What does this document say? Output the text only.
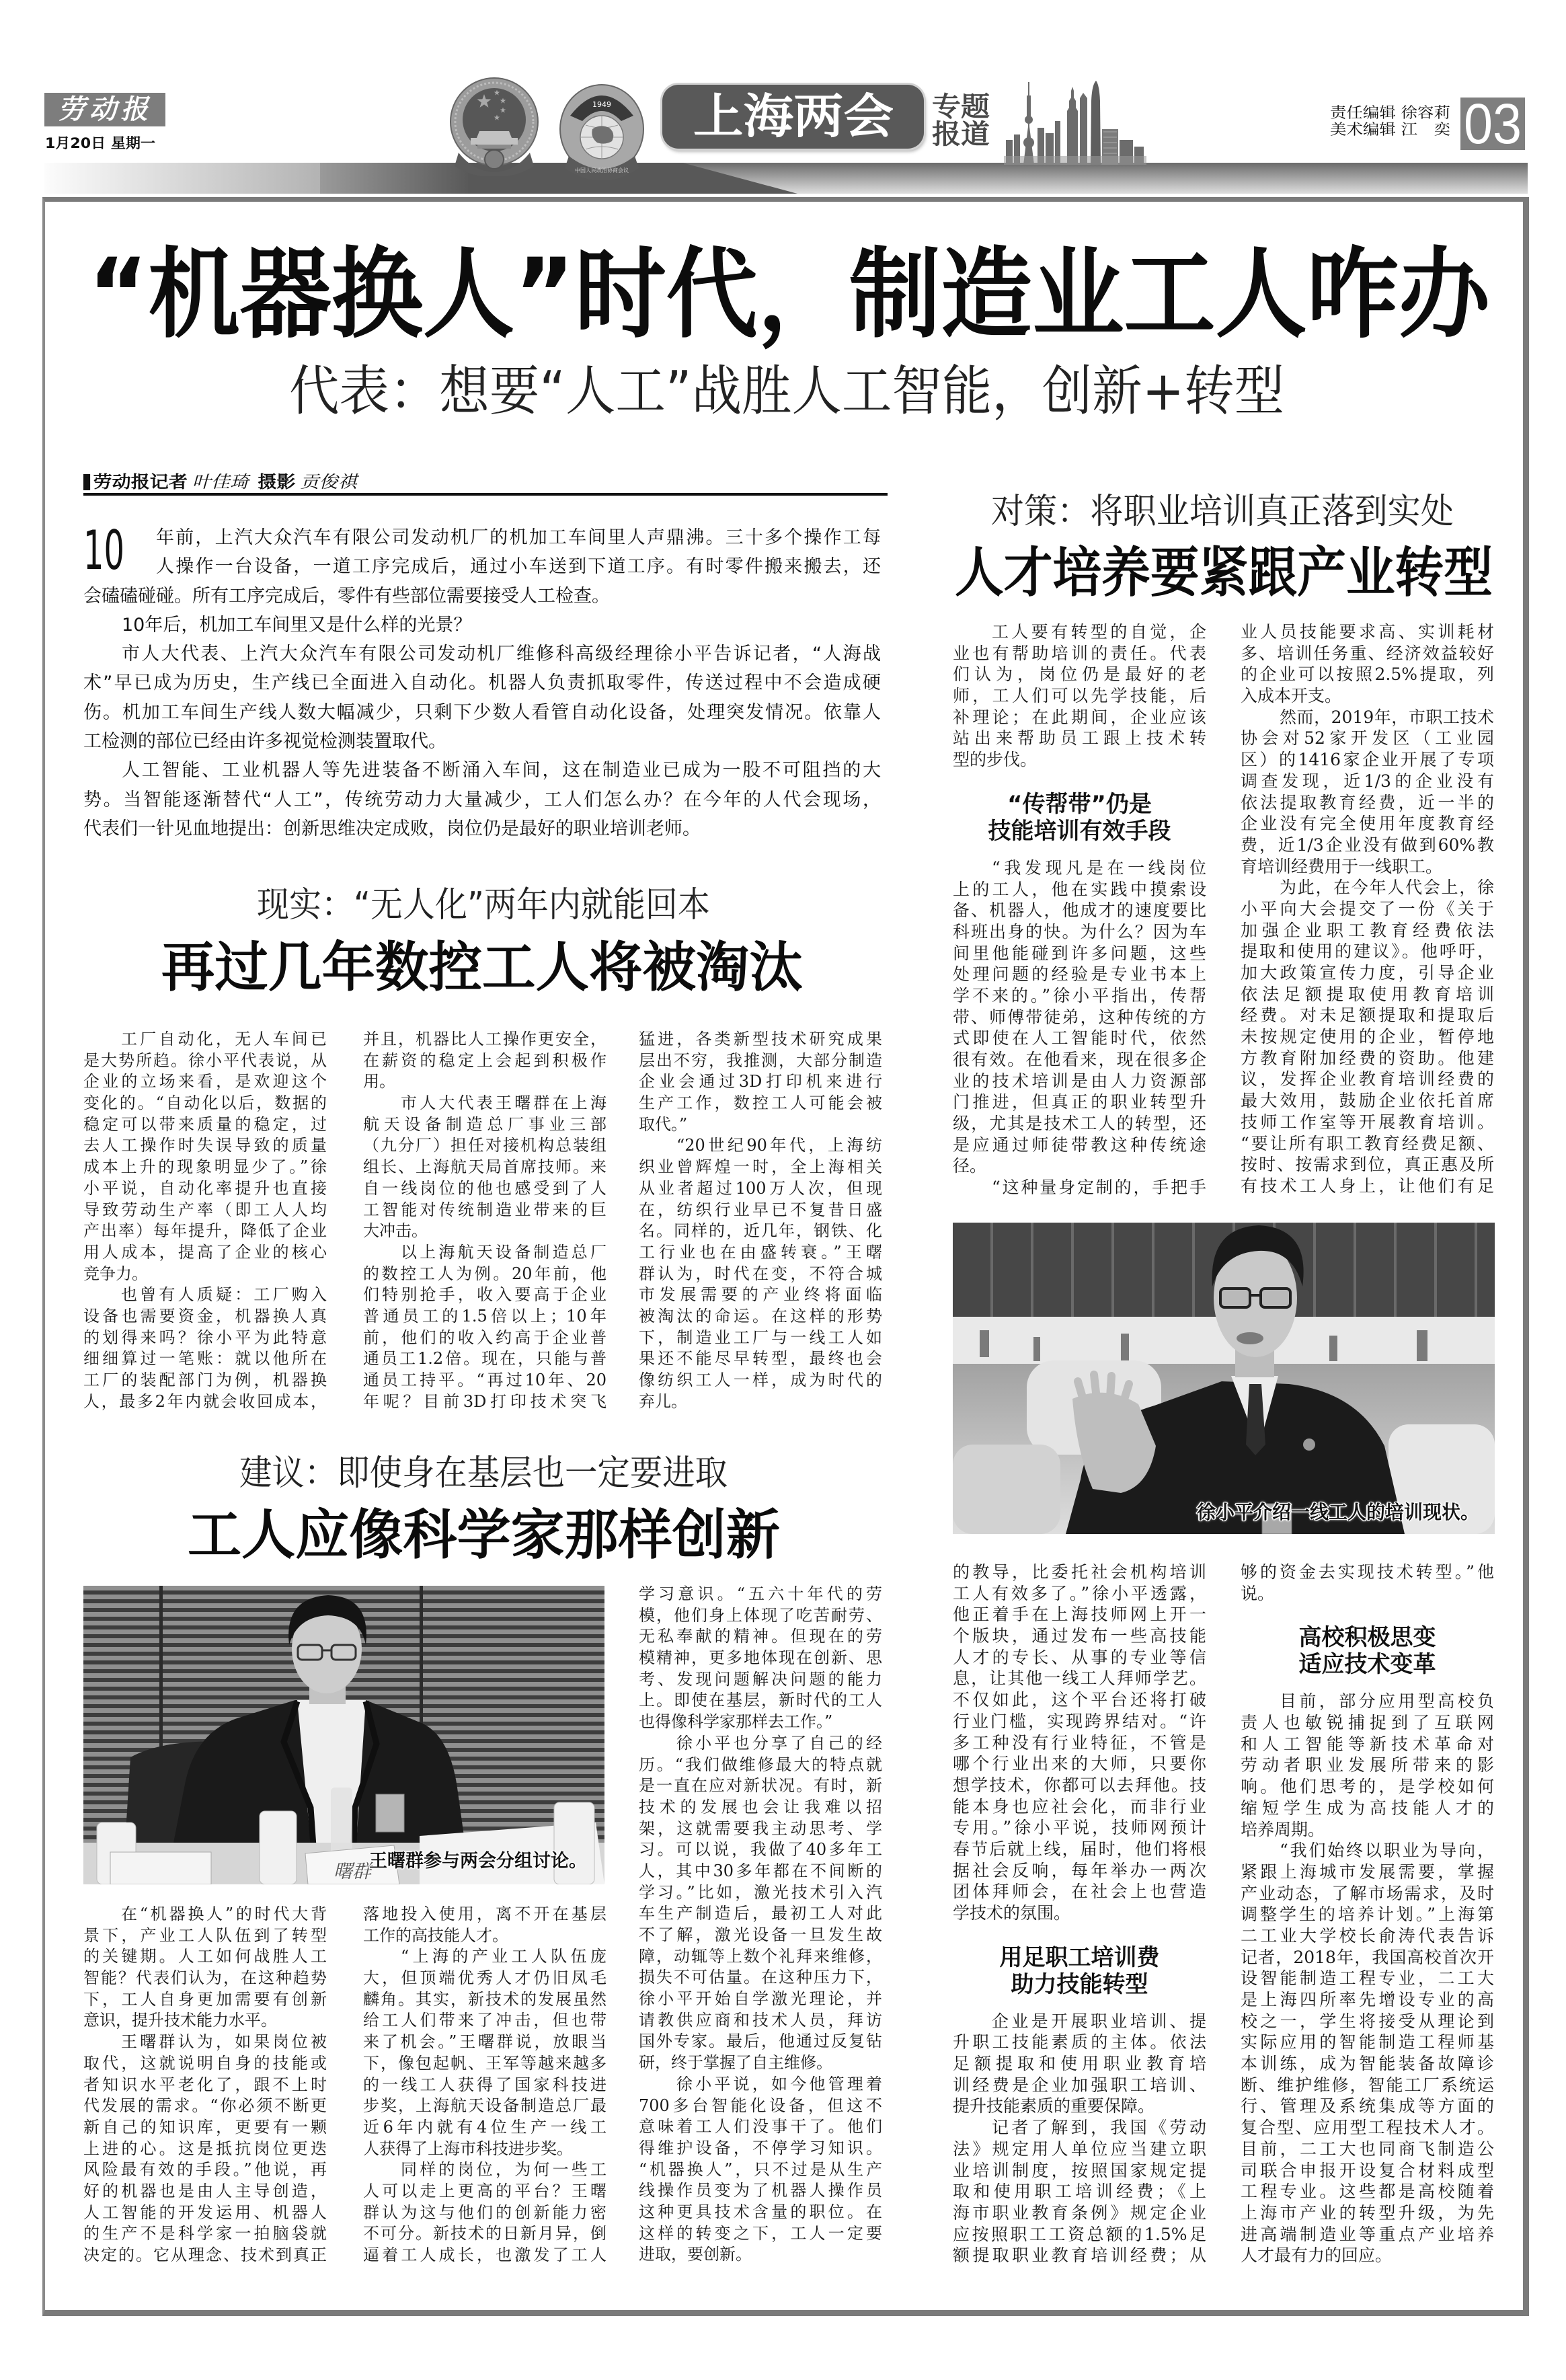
劳动报
1月20日 星期一
1949
中国人民政治协商会议
上海两会 专题
报道
责任编辑 徐容莉
美术编辑 江　奕 03
“机器换人”时代，制造业工人咋办
代表：想要“人工”战胜人工智能，创新+转型
劳动报记者 叶佳琦 摄影 贡俊祺
10 年前，上汽大众汽车有限公司发动机厂的机加工车间里人声鼎沸。三十多个操作工每
人操作一台设备，一道工序完成后，通过小车送到下道工序。有时零件搬来搬去，还
会磕磕碰碰。所有工序完成后，零件有些部位需要接受人工检查。
10年后，机加工车间里又是什么样的光景？
市人大代表、上汽大众汽车有限公司发动机厂维修科高级经理徐小平告诉记者，“人海战
术”早已成为历史，生产线已全面进入自动化。机器人负责抓取零件，传送过程中不会造成硬
伤。机加工车间生产线人数大幅减少，只剩下少数人看管自动化设备，处理突发情况。依靠人
工检测的部位已经由许多视觉检测装置取代。
人工智能、工业机器人等先进装备不断涌入车间，这在制造业已成为一股不可阻挡的大
势。当智能逐渐替代“人工”，传统劳动力大量减少，工人们怎么办？在今年的人代会现场，
代表们一针见血地提出：创新思维决定成败，岗位仍是最好的职业培训老师。
现实：“无人化”两年内就能回本
再过几年数控工人将被淘汰
工厂自动化，无人车间已
是大势所趋。徐小平代表说，从
企业的立场来看，是欢迎这个
变化的。“自动化以后，数据的
稳定可以带来质量的稳定，过
去人工操作时失误导致的质量
成本上升的现象明显少了。”徐
小平说，自动化率提升也直接
导致劳动生产率（即工人人均
产出率）每年提升，降低了企业
用人成本，提高了企业的核心
竞争力。
也曾有人质疑：工厂购入
设备也需要资金，机器换人真
的划得来吗？徐小平为此特意
细细算过一笔账：就以他所在
工厂的装配部门为例，机器换
人，最多2年内就会收回成本，
并且，机器比人工操作更安全，
在薪资的稳定上会起到积极作
用。
市人大代表王曙群在上海
航天设备制造总厂事业三部
（九分厂）担任对接机构总装组
组长、上海航天局首席技师。来
自一线岗位的他也感受到了人
工智能对传统制造业带来的巨
大冲击。
以上海航天设备制造总厂
的数控工人为例。20年前，他
们特别抢手，收入要高于企业
普通员工的1.5倍以上；10年
前，他们的收入约高于企业普
通员工1.2倍。现在，只能与普
通员工持平。“再过10年、20
年呢？目前3D打印技术突飞
猛进，各类新型技术研究成果
层出不穷，我推测，大部分制造
企业会通过3D打印机来进行
生产工作，数控工人可能会被
取代。”
“20世纪90年代，上海纺
织业曾辉煌一时，全上海相关
从业者超过100万人次，但现
在，纺织行业早已不复昔日盛
名。同样的，近几年，钢铁、化
工行业也在由盛转衰。”王曙
群认为，时代在变，不符合城
市发展需要的产业终将面临
被淘汰的命运。在这样的形势
下，制造业工厂与一线工人如
果还不能尽早转型，最终也会
像纺织工人一样，成为时代的
弃儿。
建议：即使身在基层也一定要进取
工人应像科学家那样创新
曙群
王曙群参与两会分组讨论。
学习意识。“五六十年代的劳
模，他们身上体现了吃苦耐劳、
无私奉献的精神。但现在的劳
模精神，更多地体现在创新、思
考、发现问题解决问题的能力
上。即使在基层，新时代的工人
也得像科学家那样去工作。”
徐小平也分享了自己的经
历。“我们做维修最大的特点就
是一直在应对新状况。有时，新
技术的发展也会让我难以招
架，这就需要我主动思考、学
习。可以说，我做了40多年工
人，其中30多年都在不间断的
学习。”比如，激光技术引入汽
车生产制造后，最初工人对此
不了解，激光设备一旦发生故
障，动辄等上数个礼拜来维修，
损失不可估量。在这种压力下，
徐小平开始自学激光理论，并
请教供应商和技术人员，拜访
国外专家。最后，他通过反复钻
研，终于掌握了自主维修。
徐小平说，如今他管理着
700多台智能化设备，但这不
意味着工人们没事干了。他们
得维护设备，不停学习知识。
“机器换人”，只不过是从生产
线操作员变为了机器人操作员
这种更具技术含量的职位。在
这样的转变之下，工人一定要
进取，要创新。
在“机器换人”的时代大背
景下，产业工人队伍到了转型
的关键期。人工如何战胜人工
智能？代表们认为，在这种趋势
下，工人自身更加需要有创新
意识，提升技术能力水平。
王曙群认为，如果岗位被
取代，这就说明自身的技能或
者知识水平老化了，跟不上时
代发展的需求。“你必须不断更
新自己的知识库，更要有一颗
上进的心。这是抵抗岗位更迭
风险最有效的手段。”他说，再
好的机器也是由人主导创造，
人工智能的开发运用、机器人
的生产不是科学家一拍脑袋就
决定的。它从理念、技术到真正
落地投入使用，离不开在基层
工作的高技能人才。
“上海的产业工人队伍庞
大，但顶端优秀人才仍旧凤毛
麟角。其实，新技术的发展虽然
给工人们带来了冲击，但也带
来了机会。”王曙群说，放眼当
下，像包起帆、王军等越来越多
的一线工人获得了国家科技进
步奖，上海航天设备制造总厂最
近6年内就有4位生产一线工
人获得了上海市科技进步奖。
同样的岗位，为何一些工
人可以走上更高的平台？王曙
群认为这与他们的创新能力密
不可分。新技术的日新月异，倒
逼着工人成长，也激发了工人
对策：将职业培训真正落到实处
人才培养要紧跟产业转型
工人要有转型的自觉，企
业也有帮助培训的责任。代表
们认为，岗位仍是最好的老
师，工人们可以先学技能，后
补理论；在此期间，企业应该
站出来帮助员工跟上技术转
型的步伐。
“传帮带”仍是
技能培训有效手段
“我发现凡是在一线岗位
上的工人，他在实践中摸索设
备、机器人，他成才的速度要比
科班出身的快。为什么？因为车
间里他能碰到许多问题，这些
处理问题的经验是专业书本上
学不来的。”徐小平指出，传帮
带、师傅带徒弟，这种传统的方
式即使在人工智能时代，依然
很有效。在他看来，现在很多企
业的技术培训是由人力资源部
门推进，但真正的职业转型升
级，尤其是技术工人的转型，还
是应通过师徒带教这种传统途
径。
“这种量身定制的，手把手
业人员技能要求高、实训耗材
多、培训任务重、经济效益较好
的企业可以按照2.5%提取，列
入成本开支。
然而，2019年，市职工技术
协会对52家开发区（工业园
区）的1416家企业开展了专项
调查发现，近1/3的企业没有
依法提取教育经费，近一半的
企业没有完全使用年度教育经
费，近1/3企业没有做到60%教
育培训经费用于一线职工。
为此，在今年人代会上，徐
小平向大会提交了一份《关于
加强企业职工教育经费依法
提取和使用的建议》。他呼吁，
加大政策宣传力度，引导企业
依法足额提取使用教育培训
经费。对未足额提取和提取后
未按规定使用的企业，暂停地
方教育附加经费的资助。他建
议，发挥企业教育培训经费的
最大效用，鼓励企业依托首席
技师工作室等开展教育培训。
“要让所有职工教育经费足额、
按时、按需求到位，真正惠及所
有技术工人身上，让他们有足
徐小平介绍一线工人的培训现状。
的教导，比委托社会机构培训
工人有效多了。”徐小平透露，
他正着手在上海技师网上开一
个版块，通过发布一些高技能
人才的专长、从事的专业等信
息，让其他一线工人拜师学艺。
不仅如此，这个平台还将打破
行业门槛，实现跨界结对。“许
多工种没有行业特征，不管是
哪个行业出来的大师，只要你
想学技术，你都可以去拜他。技
能本身也应社会化，而非行业
专用。”徐小平说，技师网预计
春节后就上线，届时，他们将根
据社会反响，每年举办一两次
团体拜师会，在社会上也营造
学技术的氛围。
用足职工培训费
助力技能转型
企业是开展职业培训、提
升职工技能素质的主体。依法
足额提取和使用职业教育培
训经费是企业加强职工培训、
提升技能素质的重要保障。
记者了解到，我国《劳动
法》规定用人单位应当建立职
业培训制度，按照国家规定提
取和使用职工培训经费；《上
海市职业教育条例》规定企业
应按照职工工资总额的1.5%足
额提取职业教育培训经费；从
够的资金去实现技术转型。”他
说。
高校积极思变
适应技术变革
目前，部分应用型高校负
责人也敏锐捕捉到了互联网
和人工智能等新技术革命对
劳动者职业发展所带来的影
响。他们思考的，是学校如何
缩短学生成为高技能人才的
培养周期。
“我们始终以职业为导向，
紧跟上海城市发展需要，掌握
产业动态，了解市场需求，及时
调整学生的培养计划。”上海第
二工业大学校长俞涛代表告诉
记者，2018年，我国高校首次开
设智能制造工程专业，二工大
是上海四所率先增设专业的高
校之一，学生将接受从理论到
实际应用的智能制造工程师基
本训练，成为智能装备故障诊
断、维护维修，智能工厂系统运
行、管理及系统集成等方面的
复合型、应用型工程技术人才。
目前，二工大也同商飞制造公
司联合申报开设复合材料成型
工程专业。这些都是高校随着
上海市产业的转型升级，为先
进高端制造业等重点产业培养
人才最有力的回应。
